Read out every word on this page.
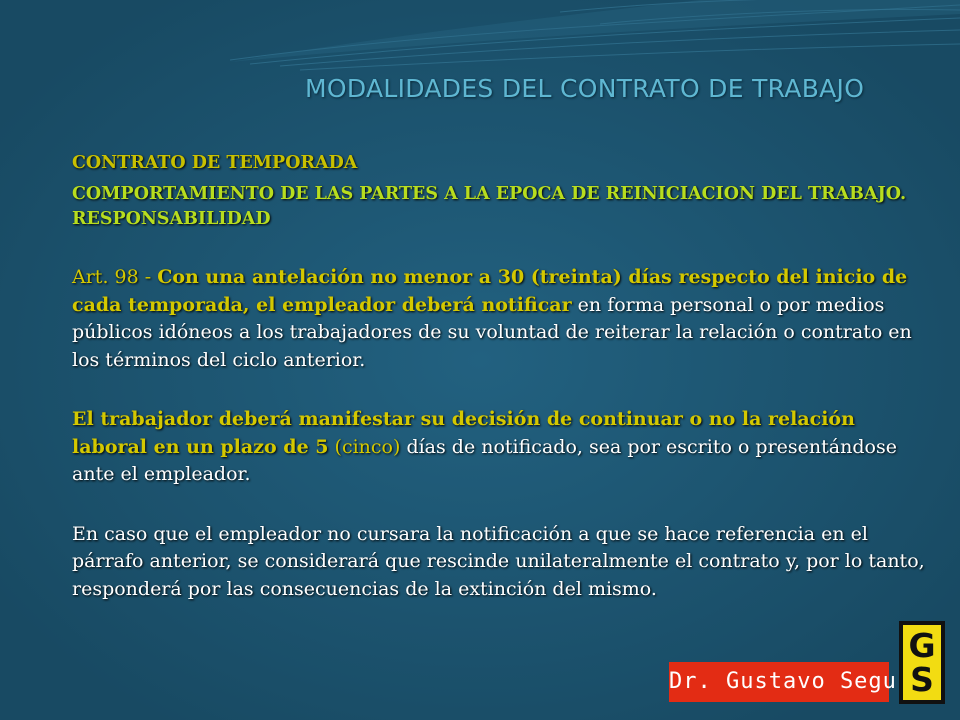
MODALIDADES DEL CONTRATO DE TRABAJO

CONTRATO DE TEMPORADA

COMPORTAMIENTO DE LAS PARTES A LA EPOCA DE REINICIACION DEL TRABAJO. RESPONSABILIDAD

Art. 98 - Con una antelación no menor a 30 (treinta) días respecto del inicio de cada temporada, el empleador deberá notificar en forma personal o por medios públicos idóneos a los trabajadores de su voluntad de reiterar la relación o contrato en los términos del ciclo anterior.

El trabajador deberá manifestar su decisión de continuar o no la relación laboral en un plazo de 5 (cinco) días de notificado, sea por escrito o presentándose ante el empleador.

En caso que el empleador no cursara la notificación a que se hace referencia en el párrafo anterior, se considerará que rescinde unilateralmente el contrato y, por lo tanto, responderá por las consecuencias de la extinción del mismo.

Dr. Gustavo Segu
G
S
